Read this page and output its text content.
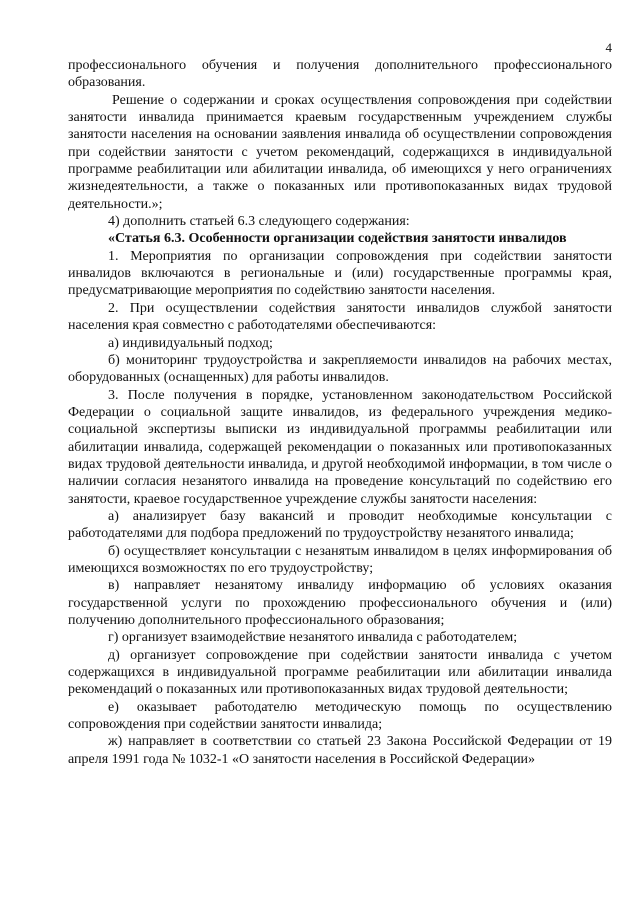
4

профессионального обучения и получения дополнительного профессионального образования.

Решение о содержании и сроках осуществления сопровождения при содействии занятости инвалида принимается краевым государственным учреждением службы занятости населения на основании заявления инвалида об осуществлении сопровождения при содействии занятости с учетом рекомендаций, содержащихся в индивидуальной программе реабилитации или абилитации инвалида, об имеющихся у него ограничениях жизнедеятельности, а также о показанных или противопоказанных видах трудовой деятельности.»;

4) дополнить статьей 6.3 следующего содержания:

«Статья 6.3. Особенности организации содействия занятости инвалидов

1. Мероприятия по организации сопровождения при содействии занятости инвалидов включаются в региональные и (или) государственные программы края, предусматривающие мероприятия по содействию занятости населения.

2. При осуществлении содействия занятости инвалидов службой занятости населения края совместно с работодателями обеспечиваются:

а) индивидуальный подход;

б) мониторинг трудоустройства и закрепляемости инвалидов на рабочих местах, оборудованных (оснащенных) для работы инвалидов.

3. После получения в порядке, установленном законодательством Российской Федерации о социальной защите инвалидов, из федерального учреждения медико-социальной экспертизы выписки из индивидуальной программы реабилитации или абилитации инвалида, содержащей рекомендации о показанных или противопоказанных видах трудовой деятельности инвалида, и другой необходимой информации, в том числе о наличии согласия незанятого инвалида на проведение консультаций по содействию его занятости, краевое государственное учреждение службы занятости населения:

а) анализирует базу вакансий и проводит необходимые консультации с работодателями для подбора предложений по трудоустройству незанятого инвалида;

б) осуществляет консультации с незанятым инвалидом в целях информирования об имеющихся возможностях по его трудоустройству;

в) направляет незанятому инвалиду информацию об условиях оказания государственной услуги по прохождению профессионального обучения и (или) получению дополнительного профессионального образования;

г) организует взаимодействие незанятого инвалида с работодателем;

д) организует сопровождение при содействии занятости инвалида с учетом содержащихся в индивидуальной программе реабилитации или абилитации инвалида рекомендаций о показанных или противопоказанных видах трудовой деятельности;

е) оказывает работодателю методическую помощь по осуществлению сопровождения при содействии занятости инвалида;

ж) направляет в соответствии со статьей 23 Закона Российской Федерации от 19 апреля 1991 года № 1032-1 «О занятости населения в Российской Федерации»
